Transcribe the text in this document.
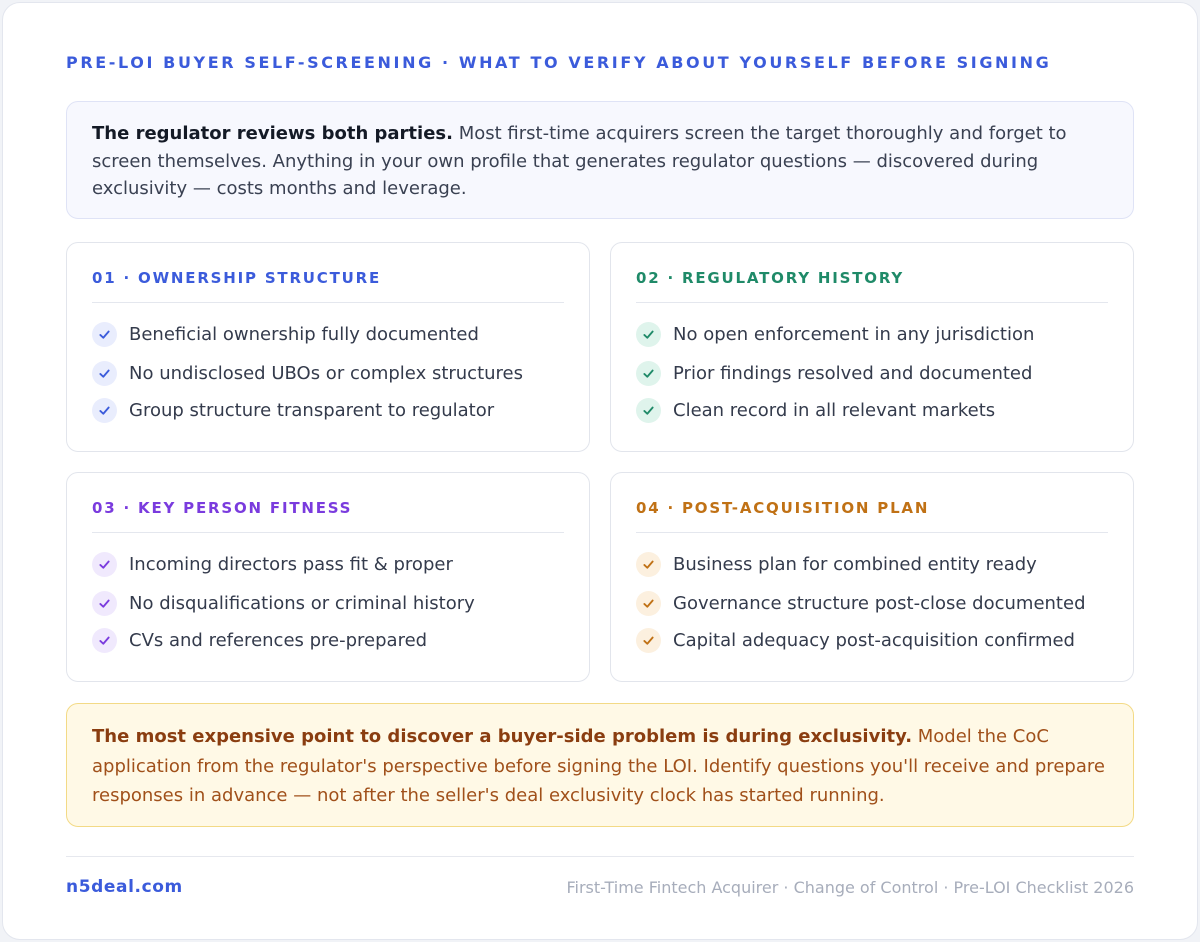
PRE-LOI BUYER SELF-SCREENING · WHAT TO VERIFY ABOUT YOURSELF BEFORE SIGNING
The regulator reviews both parties. Most first-time acquirers screen the target thoroughly and forget to screen themselves. Anything in your own profile that generates regulator questions — discovered during exclusivity — costs months and leverage.
01 · OWNERSHIP STRUCTURE
Beneficial ownership fully documented
No undisclosed UBOs or complex structures
Group structure transparent to regulator
02 · REGULATORY HISTORY
No open enforcement in any jurisdiction
Prior findings resolved and documented
Clean record in all relevant markets
03 · KEY PERSON FITNESS
Incoming directors pass fit & proper
No disqualifications or criminal history
CVs and references pre-prepared
04 · POST-ACQUISITION PLAN
Business plan for combined entity ready
Governance structure post-close documented
Capital adequacy post-acquisition confirmed
The most expensive point to discover a buyer-side problem is during exclusivity. Model the CoC application from the regulator's perspective before signing the LOI. Identify questions you'll receive and prepare responses in advance — not after the seller's deal exclusivity clock has started running.
n5deal.com	First-Time Fintech Acquirer · Change of Control · Pre-LOI Checklist 2026
